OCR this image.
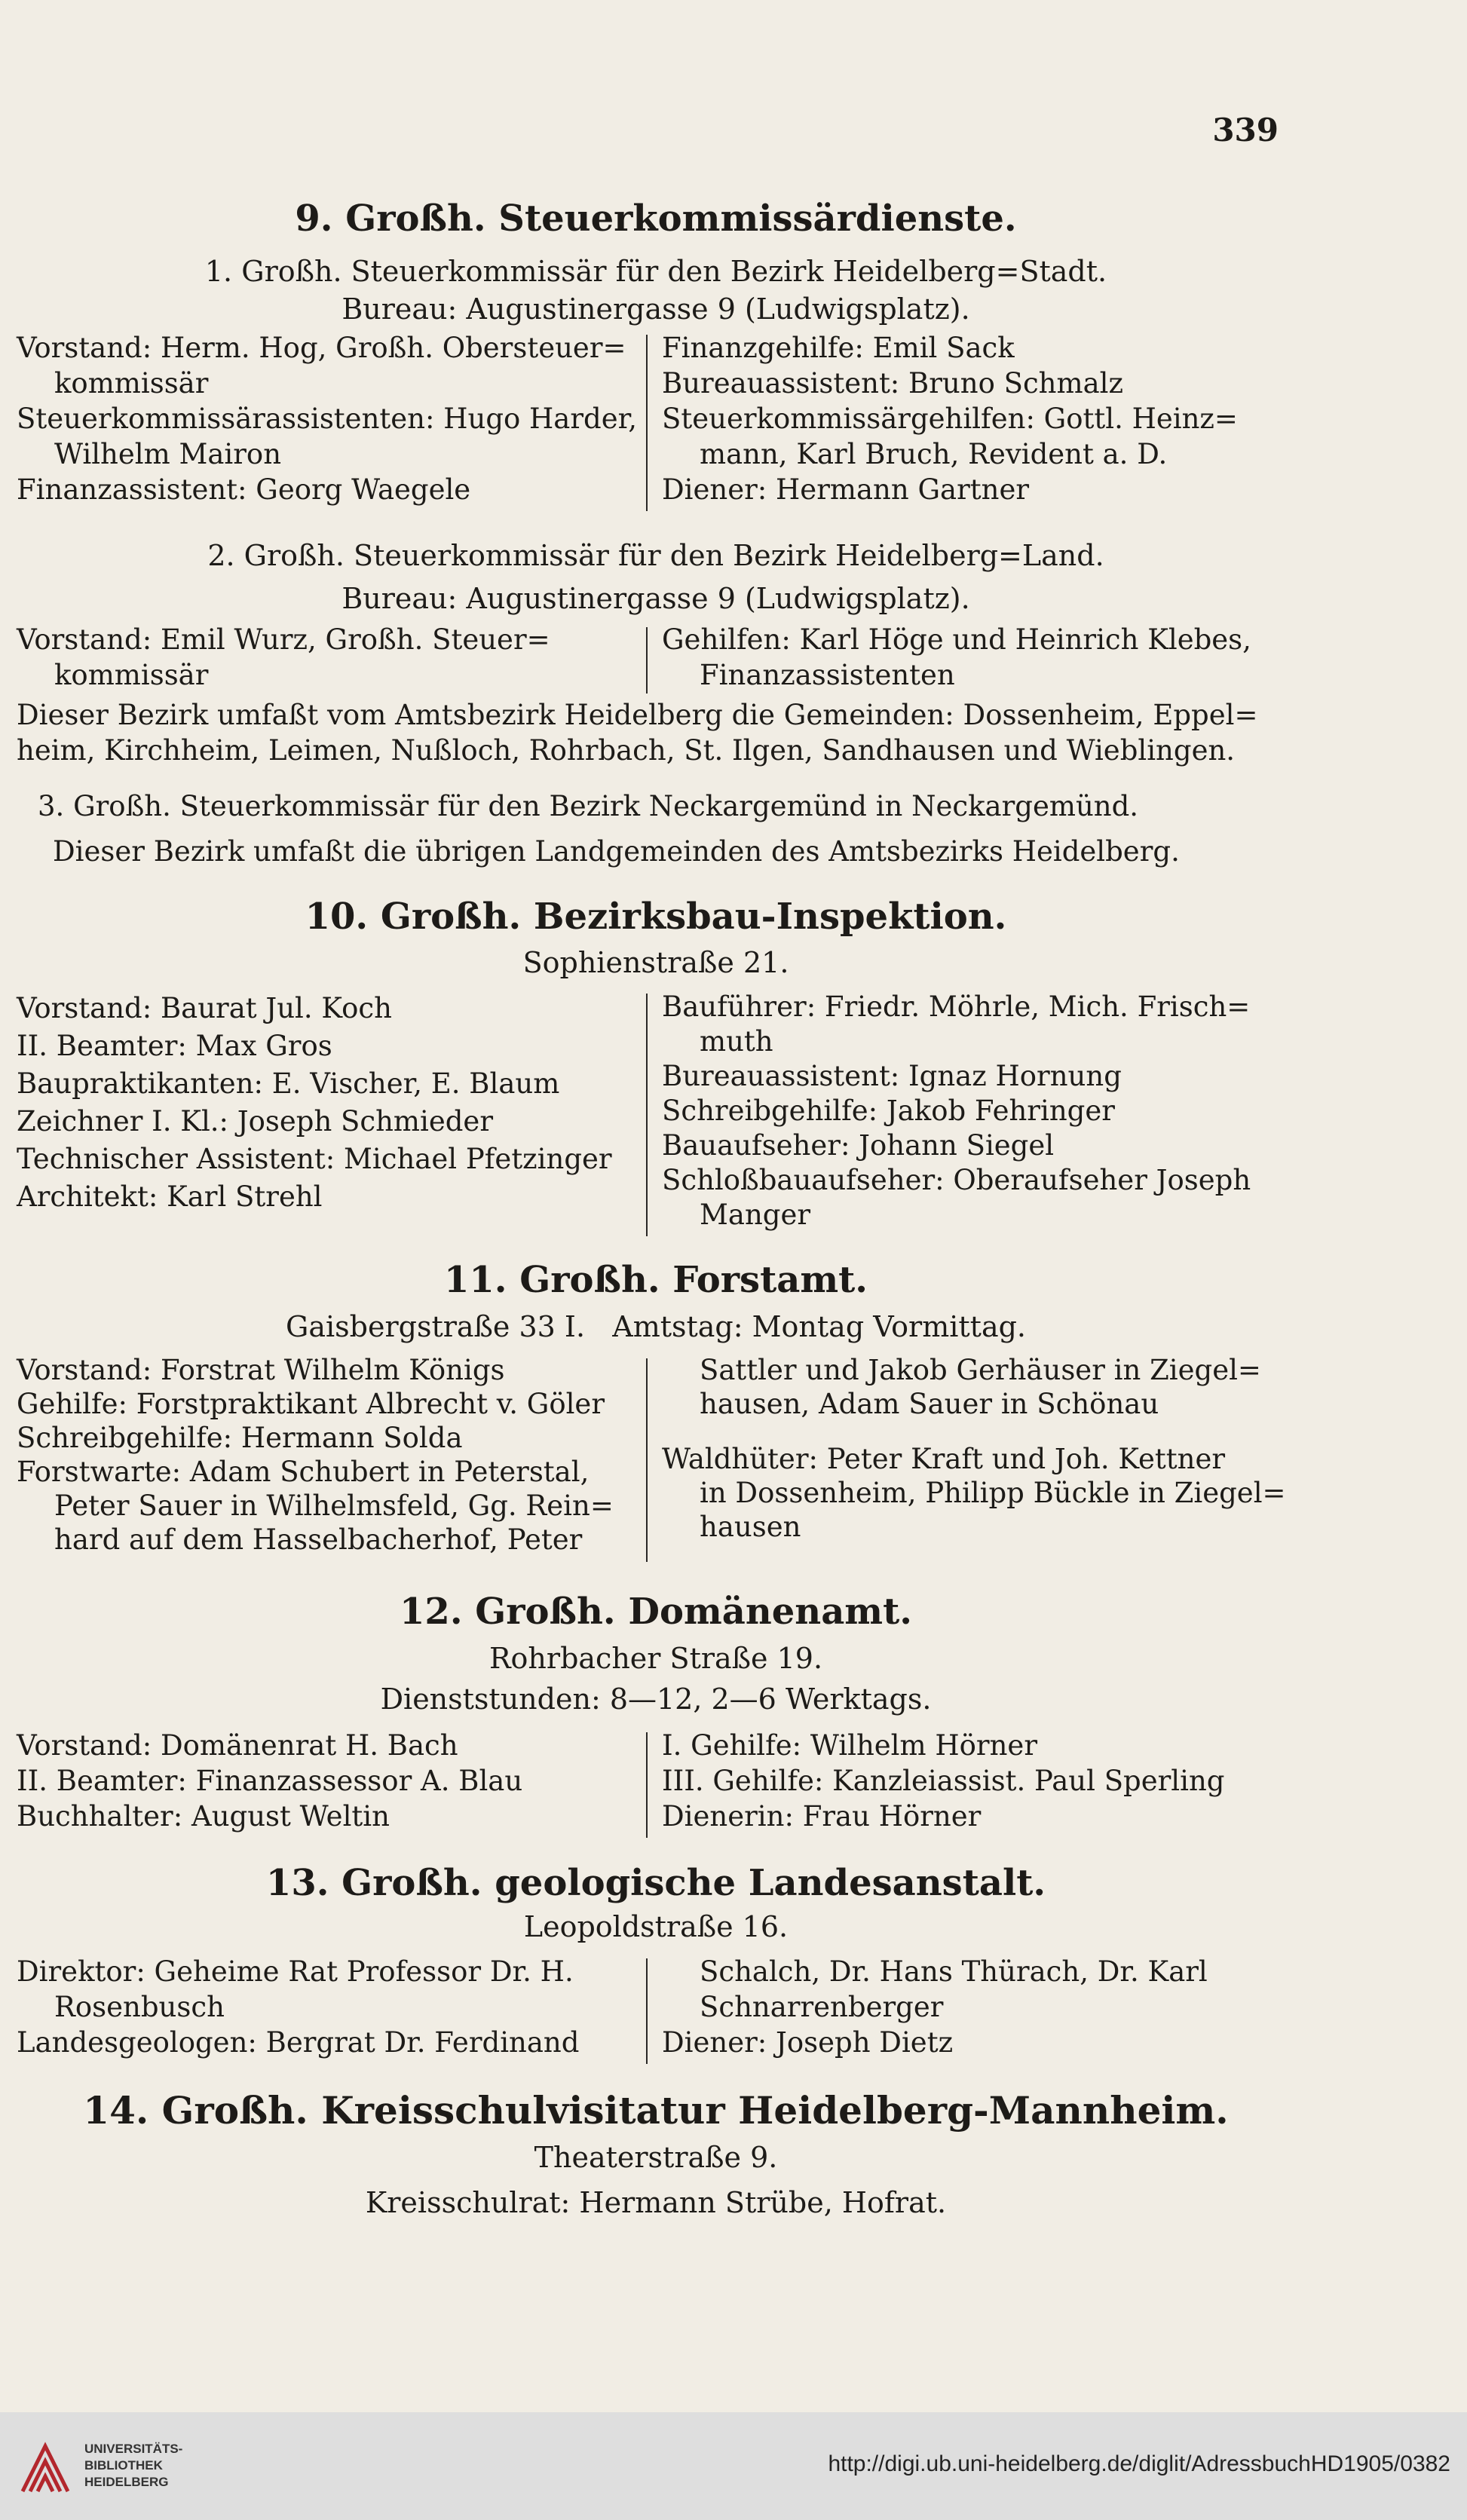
339
9. Großh. Steuerkommissärdienste.
1. Großh. Steuerkommissär für den Bezirk Heidelberg=Stadt.
Bureau: Augustinergasse 9 (Ludwigsplatz).
Vorstand: Herm. Hog, Großh. Obersteuer=
kommissär
Steuerkommissärassistenten: Hugo Harder,
Wilhelm Mairon
Finanzassistent: Georg Waegele
Finanzgehilfe: Emil Sack
Bureauassistent: Bruno Schmalz
Steuerkommissärgehilfen: Gottl. Heinz=
mann, Karl Bruch, Revident a. D.
Diener: Hermann Gartner
2. Großh. Steuerkommissär für den Bezirk Heidelberg=Land.
Bureau: Augustinergasse 9 (Ludwigsplatz).
Vorstand: Emil Wurz, Großh. Steuer=
kommissär
Gehilfen: Karl Höge und Heinrich Klebes,
Finanzassistenten
Dieser Bezirk umfaßt vom Amtsbezirk Heidelberg die Gemeinden: Dossenheim, Eppel=
heim, Kirchheim, Leimen, Nußloch, Rohrbach, St. Ilgen, Sandhausen und Wieblingen.
3. Großh. Steuerkommissär für den Bezirk Neckargemünd in Neckargemünd.
Dieser Bezirk umfaßt die übrigen Landgemeinden des Amtsbezirks Heidelberg.
10. Großh. Bezirksbau-Inspektion.
Sophienstraße 21.
Vorstand: Baurat Jul. Koch
II. Beamter: Max Gros
Baupraktikanten: E. Vischer, E. Blaum
Zeichner I. Kl.: Joseph Schmieder
Technischer Assistent: Michael Pfetzinger
Architekt: Karl Strehl
Bauführer: Friedr. Möhrle, Mich. Frisch=
muth
Bureauassistent: Ignaz Hornung
Schreibgehilfe: Jakob Fehringer
Bauaufseher: Johann Siegel
Schloßbauaufseher: Oberaufseher Joseph
Manger
11. Großh. Forstamt.
Gaisbergstraße 33 I.   Amtstag: Montag Vormittag.
Vorstand: Forstrat Wilhelm Königs
Gehilfe: Forstpraktikant Albrecht v. Göler
Schreibgehilfe: Hermann Solda
Forstwarte: Adam Schubert in Peterstal,
Peter Sauer in Wilhelmsfeld, Gg. Rein=
hard auf dem Hasselbacherhof, Peter
Sattler und Jakob Gerhäuser in Ziegel=
hausen, Adam Sauer in Schönau
Waldhüter: Peter Kraft und Joh. Kettner
in Dossenheim, Philipp Bückle in Ziegel=
hausen
12. Großh. Domänenamt.
Rohrbacher Straße 19.
Dienststunden: 8—12, 2—6 Werktags.
Vorstand: Domänenrat H. Bach
II. Beamter: Finanzassessor A. Blau
Buchhalter: August Weltin
I. Gehilfe: Wilhelm Hörner
III. Gehilfe: Kanzleiassist. Paul Sperling
Dienerin: Frau Hörner
13. Großh. geologische Landesanstalt.
Leopoldstraße 16.
Direktor: Geheime Rat Professor Dr. H.
Rosenbusch
Landesgeologen: Bergrat Dr. Ferdinand
Schalch, Dr. Hans Thürach, Dr. Karl
Schnarrenberger
Diener: Joseph Dietz
14. Großh. Kreisschulvisitatur Heidelberg-Mannheim.
Theaterstraße 9.
Kreisschulrat: Hermann Strübe, Hofrat.
UNIVERSITÄTS-
BIBLIOTHEK
HEIDELBERG
http://digi.ub.uni-heidelberg.de/diglit/AdressbuchHD1905/0382
